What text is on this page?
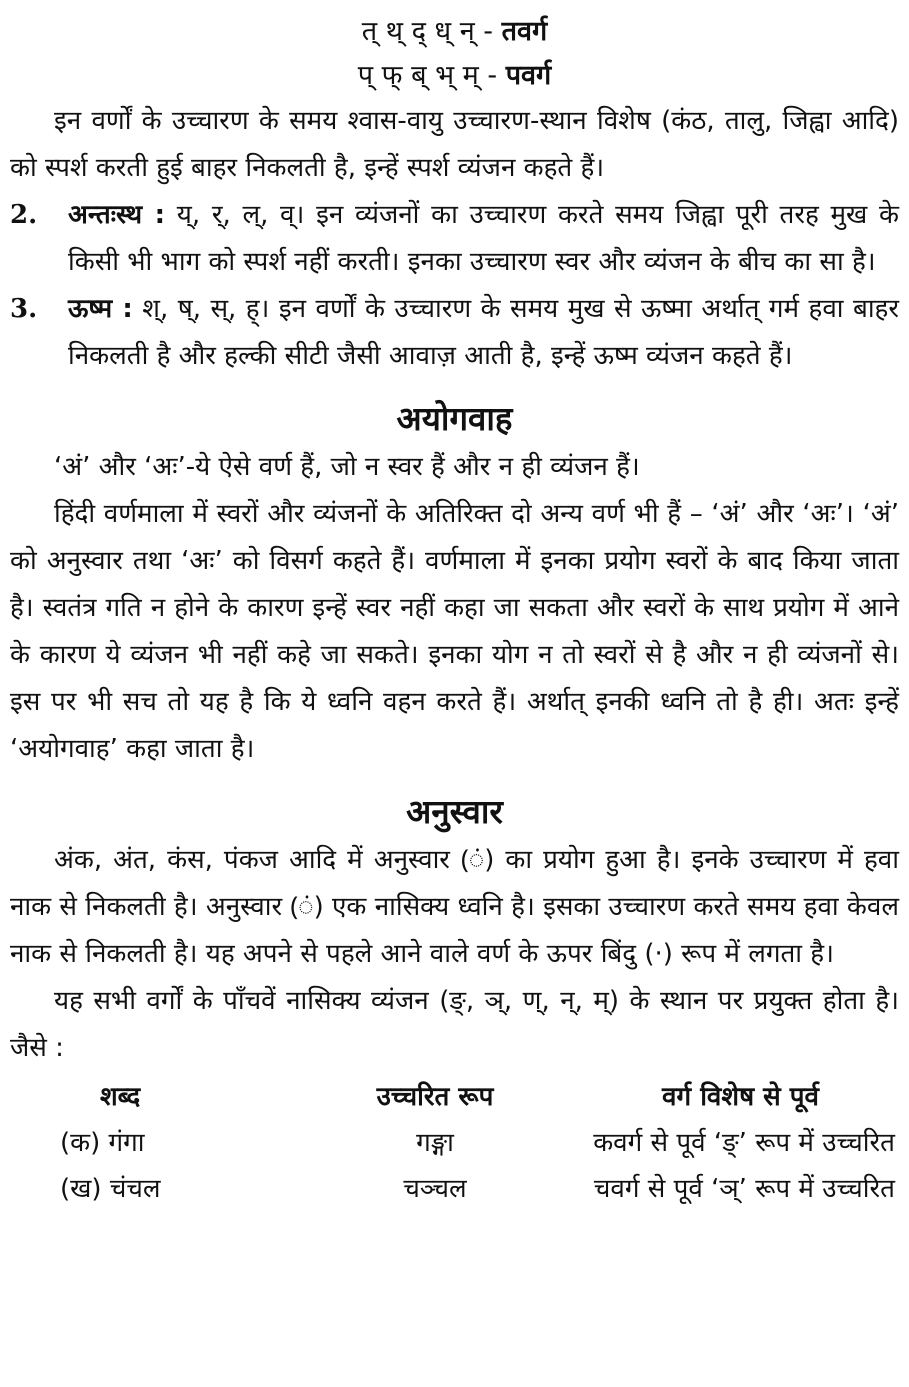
त् थ् द् ध् न् - तवर्ग

प् फ् ब् भ् म् - पवर्ग

इन वर्णों के उच्चारण के समय श्वास-वायु उच्चारण-स्थान विशेष (कंठ, तालु, जिह्वा आदि) को स्पर्श करती हुई बाहर निकलती है, इन्हें स्पर्श व्यंजन कहते हैं।

2.	अन्तःस्थ : य्, र्, ल्, व्। इन व्यंजनों का उच्चारण करते समय जिह्वा पूरी तरह मुख के किसी भी भाग को स्पर्श नहीं करती। इनका उच्चारण स्वर और व्यंजन के बीच का सा है।

3.	ऊष्म : श्, ष्, स्, ह्। इन वर्णों के उच्चारण के समय मुख से ऊष्मा अर्थात् गर्म हवा बाहर निकलती है और हल्की सीटी जैसी आवाज़ आती है, इन्हें ऊष्म व्यंजन कहते हैं।

अयोगवाह

‘अं’ और ‘अः’-ये ऐसे वर्ण हैं, जो न स्वर हैं और न ही व्यंजन हैं।

हिंदी वर्णमाला में स्वरों और व्यंजनों के अतिरिक्त दो अन्य वर्ण भी हैं – ‘अं’ और ‘अः’। ‘अं’ को अनुस्वार तथा ‘अः’ को विसर्ग कहते हैं। वर्णमाला में इनका प्रयोग स्वरों के बाद किया जाता है। स्वतंत्र गति न होने के कारण इन्हें स्वर नहीं कहा जा सकता और स्वरों के साथ प्रयोग में आने के कारण ये व्यंजन भी नहीं कहे जा सकते। इनका योग न तो स्वरों से है और न ही व्यंजनों से। इस पर भी सच तो यह है कि ये ध्वनि वहन करते हैं। अर्थात् इनकी ध्वनि तो है ही। अतः इन्हें ‘अयोगवाह’ कहा जाता है।

अनुस्वार

अंक, अंत, कंस, पंकज आदि में अनुस्वार (ं) का प्रयोग हुआ है। इनके उच्चारण में हवा नाक से निकलती है। अनुस्वार (ं) एक नासिक्य ध्वनि है। इसका उच्चारण करते समय हवा केवल नाक से निकलती है। यह अपने से पहले आने वाले वर्ण के ऊपर बिंदु (·) रूप में लगता है।

यह सभी वर्गों के पाँचवें नासिक्य व्यंजन (ङ्, ञ्, ण्, न्, म्) के स्थान पर प्रयुक्त होता है। जैसे :

शब्द	उच्चरित रूप	वर्ग विशेष से पूर्व
(क) गंगा	गङ्गा	कवर्ग से पूर्व ‘ङ्’ रूप में उच्चरित
(ख) चंचल	चञ्चल	चवर्ग से पूर्व ‘ञ्’ रूप में उच्चरित
